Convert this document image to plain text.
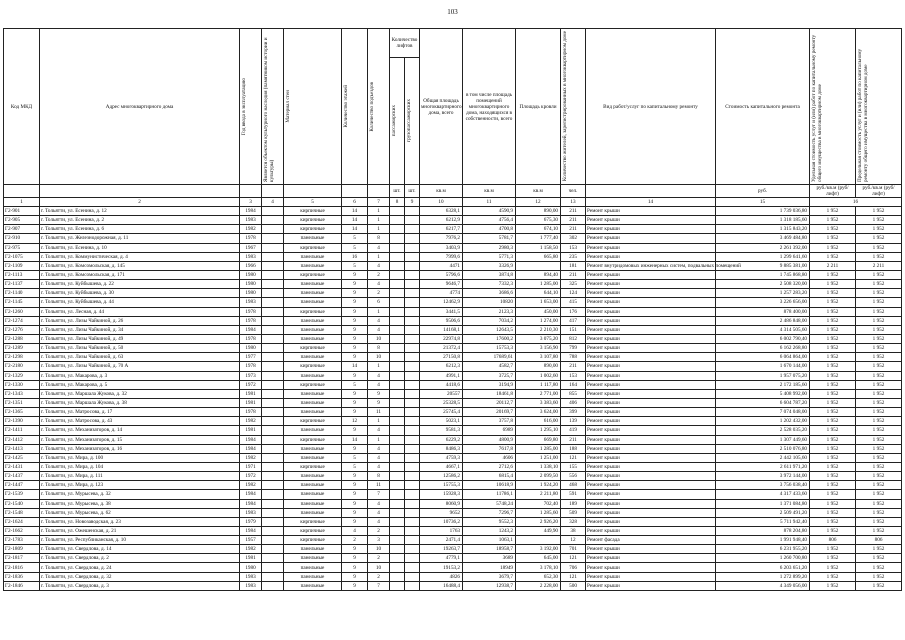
103
Код МКД	Адрес многоквартирного дома	Год ввода в эксплуатацию	Является объектом культурного наследия (памятником истории и культуры)	Материал стен	Количество этажей	Количество подъездов	Количество лифтов		Общая площадь многоквартирного дома, всего	в том числе площадь помещений многоквартирного дома, находящихся в собственности, всего	Площадь кровли	Количество жителей, зарегистрированных в многоквартирном доме	Вид работ/услуг по капитальному ремонту	Стоимость капитального ремонта	Удельная стоимость услуг и (или) работ по капитальному ремонту общего имущества в многоквартирном доме	Предельная стоимость услуг и (или) работ по капитальному ремонту общего имущества в многоквартирном доме

							пассажирских	грузопассажирских								

							шт.	шт.	кв.м	кв.м	кв.м	чел.		руб.	руб./кв.м (руб/лифт)	руб./кв.м (руб/лифт)
1	2	3	4	5	6	7	8	9	10	11	12	13	14	15	16	
Г2-901	г. Тольятти, ул. Есенина, д. 12	1984		кирпичные	14	1			6328,1	4590,9	890,00	211	Ремонт крыши	1 739 036,80	1 952	1 952
Г2-905	г. Тольятти, ул. Есенина, д. 2	1983		кирпичные	14	1			6212,9	4756,4	675,30	211	Ремонт крыши	1 318 185,60	1 952	1 952
Г2-907	г. Тольятти, ул. Есенина, д. 6	1982		кирпичные	14	1			6217,7	4700,8	674,10	211	Ремонт крыши	1 315 843,20	1 952	1 952
Г2-910	г. Тольятти, ул. Железнодорожная, д. 11	1978		панельные	5	8			7976,2	5781,7	1 777,40	302	Ремонт крыши	3 469 484,80	1 952	1 952
Г2-975	г. Тольятти, ул. Есенина, д. 10	1967		кирпичные	5	4			3403,9	2980,3	1 158,50	153	Ремонт крыши	2 261 392,00	1 952	1 952
Г2-1075	г. Тольятти, ул. Коммунистическая, д. 4	1983		панельные	16	1			7999,6	5771,3	665,80	235	Ремонт крыши	1 299 641,60	1 952	1 952
Г2-1109	г. Тольятти, ул. Комсомольская, д. 145	1966		панельные	5	4			4471	3326,9		181	Ремонт внутридомовых инженерных систем, подвальных помещений	9 885 381,00	2 211	2 211
Г2-1113	г. Тольятти, ул. Комсомольская, д. 171	1980		кирпичные	9	2			5796,6	3874,8	894,40	211	Ремонт крыши	1 745 868,80	1 952	1 952
Г2-1137	г. Тольятти, ул. Куйбышева, д. 22	1980		панельные	9	4			9646,7	7332,3	1 285,00	325	Ремонт крыши	2 508 320,00	1 952	1 952
Г2-1140	г. Тольятти, ул. Куйбышева, д. 30	1980		панельные	9	2			4774	3686,6	644,10	124	Ремонт крыши	1 257 283,20	1 952	1 952
Г2-1145	г. Тольятти, ул. Куйбышева, д. 44	1983		панельные	9	6			12462,9	10820	1 653,00	415	Ремонт крыши	3 226 656,00	1 952	1 952
Г2-1260	г. Тольятти, ул. Лесная, д. 44	1978		кирпичные	9	1			3441,5	2123,3	450,00	176	Ремонт крыши	878 400,00	1 952	1 952
Г2-1274	г. Тольятти, ул. Лизы Чайкиной, д. 26	1978		панельные	9	4			9506,6	7034,2	1 274,00	417	Ремонт крыши	2 486 848,00	1 952	1 952
Г2-1276	г. Тольятти, ул. Лизы Чайкиной, д. 34	1984		панельные	9	4			14168,1	12643,5	2 210,30	151	Ремонт крыши	4 314 505,60	1 952	1 952
Г2-1288	г. Тольятти, ул. Лизы Чайкиной, д. 49	1978		панельные	9	10			22974,8	17600,2	3 075,20	812	Ремонт крыши	6 002 790,40	1 952	1 952
Г2-1289	г. Тольятти, ул. Лизы Чайкиной, д. 50	1980		кирпичные	9	8			21372,4	15753,3	3 156,90	799	Ремонт крыши	6 162 268,80	1 952	1 952
Г2-1298	г. Тольятти, ул. Лизы Чайкиной, д. 63	1977		панельные	9	10			27150,8	17689,61	3 107,80	788	Ремонт крыши	6 064 864,00	1 952	1 952
Г2-2180	г. Тольятти, ул. Лизы Чайкиной, д. 70 А	1978		кирпичные	14	1			6212,3	4582,7	890,00	211	Ремонт крыши	1 670 144,00	1 952	1 952
Г2-1329	г. Тольятти, ул. Макарова, д. 3	1973		панельные	9	4			4991,1	3725,7	1 002,60	153	Ремонт крыши	1 957 075,20	1 952	1 952
Г2-1330	г. Тольятти, ул. Макарова, д. 5	1972		кирпичные	5	4			4418,6	3194,9	1 117,80	164	Ремонт крыши	2 172 185,60	1 952	1 952
Г2-1343	г. Тольятти, ул. Маршала Жукова, д. 32	1981		панельные	9	9			20557	18461,8	2 771,00	855	Ремонт крыши	5 408 992,00	1 952	1 952
Г2-1351	г. Тольятти, ул. Маршала Жукова, д. 38	1981		панельные	9	9			25328,5	20112,7	3 383,60	406	Ремонт крыши	6 604 787,20	1 952	1 952
Г2-1365	г. Тольятти, ул. Матросова, д. 17	1978		панельные	9	11			25745,4	20169,7	3 624,00	399	Ремонт крыши	7 074 048,00	1 952	1 952
Г2-1390	г. Тольятти, ул. Матросова, д. 43	1982		кирпичные	12	1			5023,1	3757,8	616,00	139	Ремонт крыши	1 202 432,00	1 952	1 952
Г2-1411	г. Тольятти, ул. Механизаторов, д. 14	1981		панельные	9	4			9581,3	6989	1 295,10	419	Ремонт крыши	2 528 035,20	1 952	1 952
Г2-1412	г. Тольятти, ул. Механизаторов, д. 15	1984		кирпичные	14	1			6229,2	4800,9	669,80	211	Ремонт крыши	1 307 449,60	1 952	1 952
Г2-1413	г. Тольятти, ул. Механизаторов, д. 16	1984		панельные	9	4			8486,3	7617,8	1 285,00	188	Ремонт крыши	2 510 076,80	1 952	1 952
Г2-1425	г. Тольятти, ул. Мира, д. 100	1982		панельные	5	4			4759,3	4606	1 251,00	121	Ремонт крыши	2 442 105,60	1 952	1 952
Г2-1431	г. Тольятти, ул. Мира, д. 104	1971		кирпичные	5	4			4667,1	2712,6	1 338,10	155	Ремонт крыши	2 611 971,20	1 952	1 952
Г2-1437	г. Тольятти, ул. Мира, д. 111	1972		панельные	9	8			12586,2	6815,4	2 099,50	556	Ремонт крыши	3 972 144,00	1 952	1 952
Г2-1447	г. Тольятти, ул. Мира, д. 123	1982		панельные	9	11			15755,3	10618,9	1 924,20	468	Ремонт крыши	3 756 038,40	1 952	1 952
Г2-1539	г. Тольятти, ул. Мурысева, д. 32	1984		панельные	9	7			15928,3	11786,1	2 211,80	591	Ремонт крыши	4 317 433,60	1 952	1 952
Г2-1540	г. Тольятти, ул. Мурысева, д. 38	1984		панельные	9	4			8060,9	5748,24	702,40	189	Ремонт крыши	1 371 084,80	1 952	1 952
Г2-1548	г. Тольятти, ул. Мурысева, д. 62	1983		панельные	9	4			9652	7296,7	1 285,60	509	Ремонт крыши	2 509 491,20	1 952	1 952
Г2-1624	г. Тольятти, ул. Новозаводская, д. 23	1979		кирпичные	9	4			10736,2	9552,3	2 926,20	328	Ремонт крыши	5 711 942,40	1 952	1 952
Г2-1662	г. Тольятти, ул. Ожешенская, д. 21	1984		кирпичные	4	2			1763	1243,2	449,90	38	Ремонт крыши	878 204,80	1 952	1 952
Г2-1783	г. Тольятти, ул. Республиканская, д. 10	1957		кирпичные	2	3			2471,4	1063,1		12	Ремонт фасада	1 991 948,40	806	806
Г2-1809	г. Тольятти, ул. Свердлова, д. 14	1982		панельные	9	10			19263,7	18958,7	3 192,00	701	Ремонт крыши	6 231 955,20	1 952	1 952
Г2-1817	г. Тольятти, ул. Свердлова, д. 2	1981		панельные	9	2			4779,1	3689	645,00	121	Ремонт крыши	1 260 700,80	1 952	1 952
Г2-1816	г. Тольятти, ул. Свердлова, д. 24	1980		панельные	9	10			19153,2	18949	3 178,10	706	Ремонт крыши	6 203 651,20	1 952	1 952
Г2-1836	г. Тольятти, ул. Свердлова, д. 32	1983		панельные	9	2			4826	3679,7	652,30	121	Ремонт крыши	1 272 899,20	1 952	1 952
Г2-1846	г. Тольятти, ул. Свердлова, д. 3	1983		панельные	9	7			16488,4	12938,7	2 228,00	500	Ремонт крыши	4 349 056,00	1 952	1 952
